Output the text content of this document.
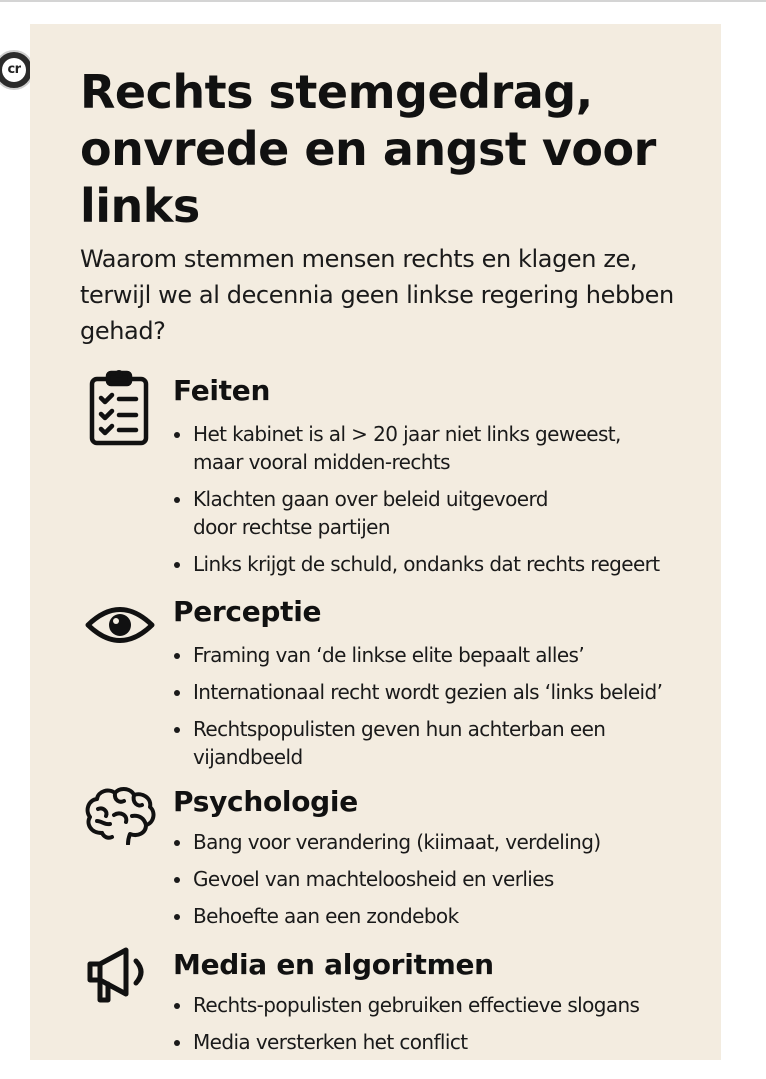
cr Rechts stemgedrag, onvrede en angst voor links

Waarom stemmen mensen rechts en klagen ze, terwijl we al decennia geen linkse regering hebben gehad?

Feiten
Het kabinet is al > 20 jaar niet links geweest, maar vooral midden-rechts
Klachten gaan over beleid uitgevoerd door rechtse partijen
Links krijgt de schuld, ondanks dat rechts regeert
Perceptie
Framing van ‘de linkse elite bepaalt alles’
Internationaal recht wordt gezien als ‘links beleid’
Rechtspopulisten geven hun achterban een vijandbeeld
Psychologie
Bang voor verandering (kiimaat, verdeling)
Gevoel van machteloosheid en verlies
Behoefte aan een zondebok
Media en algoritmen
Rechts-populisten gebruiken effectieve slogans
Media versterken het conflict
